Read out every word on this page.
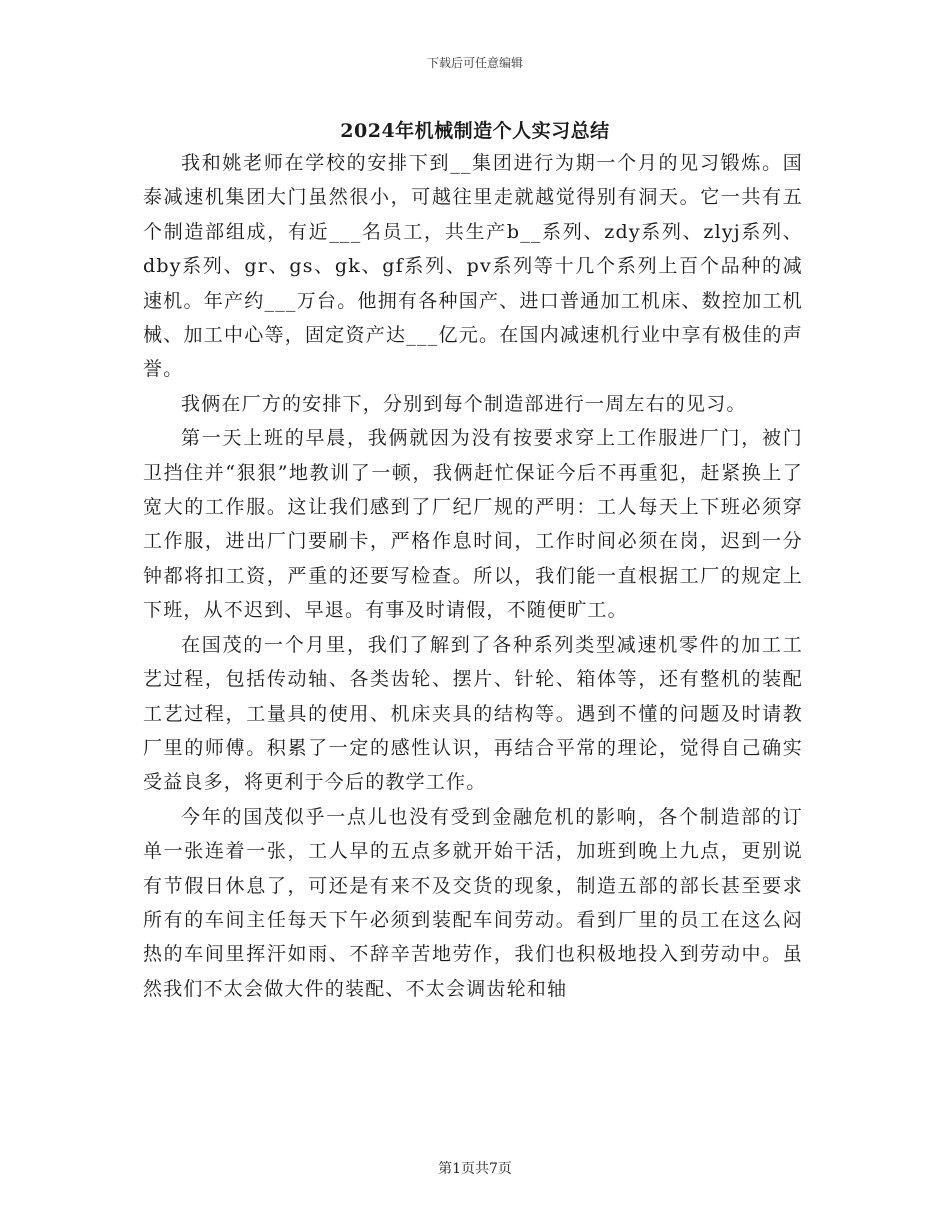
下载后可任意编辑
2024年机械制造个人实习总结

我和姚老师在学校的安排下到__集团进行为期一个月的见习锻炼。国泰减速机集团大门虽然很小，可越往里走就越觉得别有洞天。它一共有五个制造部组成，有近___名员工，共生产b__系列、zdy系列、zlyj系列、dby系列、gr、gs、gk、gf系列、pv系列等十几个系列上百个品种的减速机。年产约___万台。他拥有各种国产、进口普通加工机床、数控加工机械、加工中心等，固定资产达___亿元。在国内减速机行业中享有极佳的声誉。

我俩在厂方的安排下，分别到每个制造部进行一周左右的见习。

第一天上班的早晨，我俩就因为没有按要求穿上工作服进厂门，被门卫挡住并“狠狠”地教训了一顿，我俩赶忙保证今后不再重犯，赶紧换上了宽大的工作服。这让我们感到了厂纪厂规的严明：工人每天上下班必须穿工作服，进出厂门要刷卡，严格作息时间，工作时间必须在岗，迟到一分钟都将扣工资，严重的还要写检查。所以，我们能一直根据工厂的规定上下班，从不迟到、早退。有事及时请假，不随便旷工。

在国茂的一个月里，我们了解到了各种系列类型减速机零件的加工工艺过程，包括传动轴、各类齿轮、摆片、针轮、箱体等，还有整机的装配工艺过程，工量具的使用、机床夹具的结构等。遇到不懂的问题及时请教厂里的师傅。积累了一定的感性认识，再结合平常的理论，觉得自己确实受益良多，将更利于今后的教学工作。

今年的国茂似乎一点儿也没有受到金融危机的影响，各个制造部的订单一张连着一张，工人早的五点多就开始干活，加班到晚上九点，更别说有节假日休息了，可还是有来不及交货的现象，制造五部的部长甚至要求所有的车间主任每天下午必须到装配车间劳动。看到厂里的员工在这么闷热的车间里挥汗如雨、不辞辛苦地劳作，我们也积极地投入到劳动中。虽然我们不太会做大件的装配、不太会调齿轮和轴

第1页共7页
